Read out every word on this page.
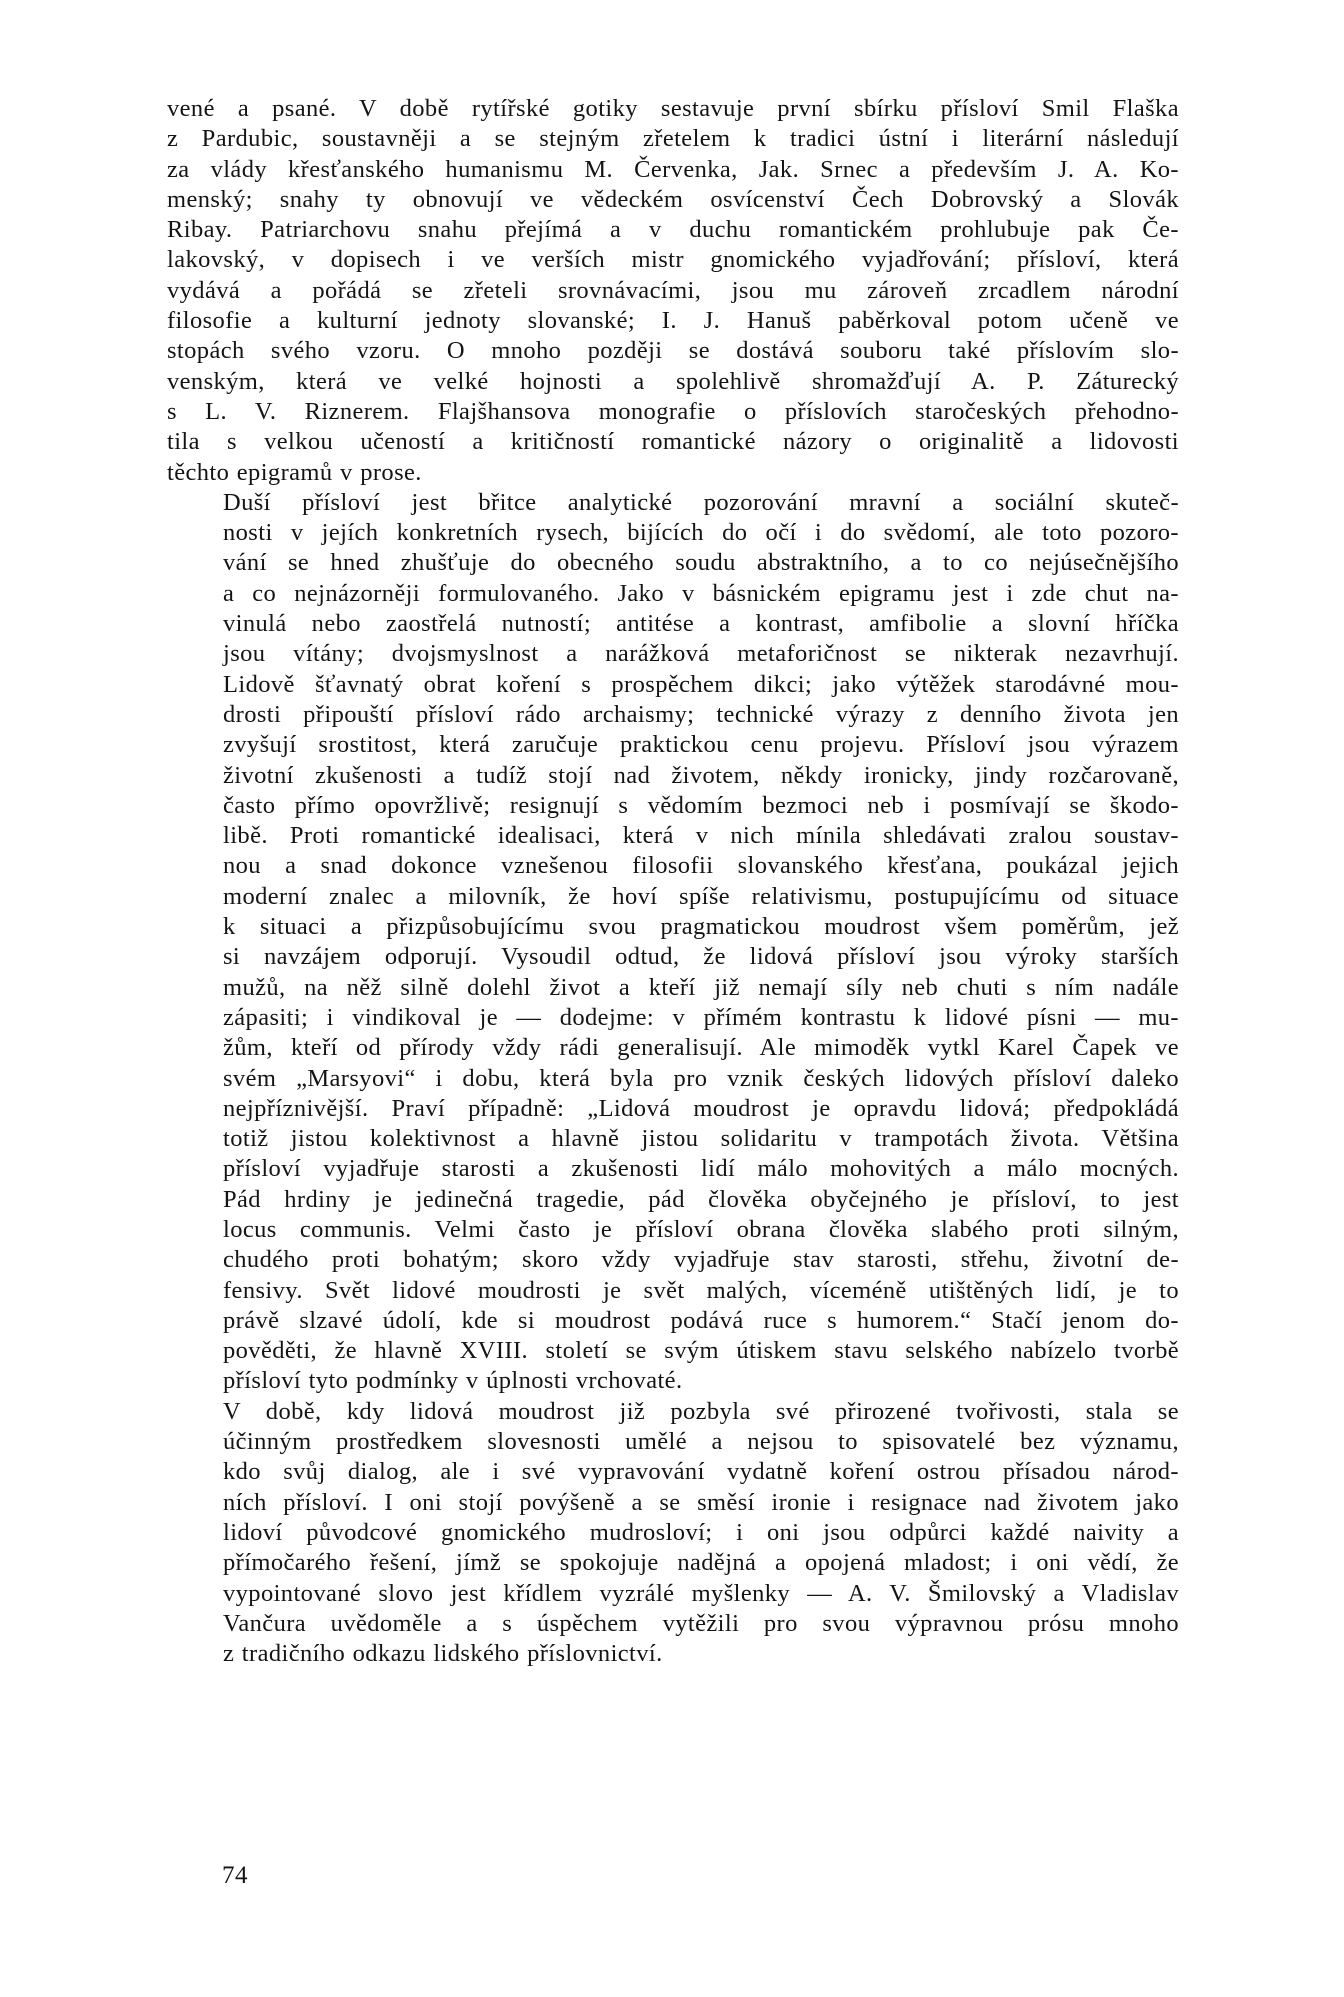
vené a psané. V době rytířské gotiky sestavuje první sbírku přísloví Smil Flaška
z Pardubic, soustavněji a se stejným zřetelem k tradici ústní i literární následují
za vlády křesťanského humanismu M. Červenka, Jak. Srnec a především J. A. Ko-
menský; snahy ty obnovují ve vědeckém osvícenství Čech Dobrovský a Slovák
Ribay. Patriarchovu snahu přejímá a v duchu romantickém prohlubuje pak Če-
lakovský, v dopisech i ve verších mistr gnomického vyjadřování; přísloví, která
vydává a pořádá se zřeteli srovnávacími, jsou mu zároveň zrcadlem národní
filosofie a kulturní jednoty slovanské; I. J. Hanuš paběrkoval potom učeně ve
stopách svého vzoru. O mnoho později se dostává souboru také příslovím slo-
venským, která ve velké hojnosti a spolehlivě shromažďují A. P. Záturecký
s L. V. Riznerem. Flajšhansova monografie o příslovích staročeských přehodno-
tila s velkou učeností a kritičností romantické názory o originalitě a lidovosti
těchto epigramů v prose.

Duší přísloví jest břitce analytické pozorování mravní a sociální skuteč-
nosti v jejích konkretních rysech, bijících do očí i do svědomí, ale toto pozoro-
vání se hned zhušťuje do obecného soudu abstraktního, a to co nejúsečnějšího
a co nejnázorněji formulovaného. Jako v básnickém epigramu jest i zde chut na-
vinulá nebo zaostřelá nutností; antitése a kontrast, amfibolie a slovní hříčka
jsou vítány; dvojsmyslnost a narážková metaforičnost se nikterak nezavrhují.
Lidově šťavnatý obrat koření s prospěchem dikci; jako výtěžek starodávné mou-
drosti připouští přísloví rádo archaismy; technické výrazy z denního života jen
zvyšují srostitost, která zaručuje praktickou cenu projevu. Přísloví jsou výrazem
životní zkušenosti a tudíž stojí nad životem, někdy ironicky, jindy rozčarovaně,
často přímo opovržlivě; resignují s vědomím bezmoci neb i posmívají se škodo-
libě. Proti romantické idealisaci, která v nich mínila shledávati zralou soustav-
nou a snad dokonce vznešenou filosofii slovanského křesťana, poukázal jejich
moderní znalec a milovník, že hoví spíše relativismu, postupujícímu od situace
k situaci a přizpůsobujícímu svou pragmatickou moudrost všem poměrům, jež
si navzájem odporují. Vysoudil odtud, že lidová přísloví jsou výroky starších
mužů, na něž silně dolehl život a kteří již nemají síly neb chuti s ním nadále
zápasiti; i vindikoval je — dodejme: v přímém kontrastu k lidové písni — mu-
žům, kteří od přírody vždy rádi generalisují. Ale mimoděk vytkl Karel Čapek ve
svém „Marsyovi“ i dobu, která byla pro vznik českých lidových přísloví daleko
nejpříznivější. Praví případně: „Lidová moudrost je opravdu lidová; předpokládá
totiž jistou kolektivnost a hlavně jistou solidaritu v trampotách života. Většina
přísloví vyjadřuje starosti a zkušenosti lidí málo mohovitých a málo mocných.
Pád hrdiny je jedinečná tragedie, pád člověka obyčejného je přísloví, to jest
locus communis. Velmi často je přísloví obrana člověka slabého proti silným,
chudého proti bohatým; skoro vždy vyjadřuje stav starosti, střehu, životní de-
fensivy. Svět lidové moudrosti je svět malých, víceméně utištěných lidí, je to
právě slzavé údolí, kde si moudrost podává ruce s humorem.“ Stačí jenom do-
pověděti, že hlavně XVIII. století se svým útiskem stavu selského nabízelo tvorbě
přísloví tyto podmínky v úplnosti vrchovaté.

V době, kdy lidová moudrost již pozbyla své přirozené tvořivosti, stala se
účinným prostředkem slovesnosti umělé a nejsou to spisovatelé bez významu,
kdo svůj dialog, ale i své vypravování vydatně koření ostrou přísadou národ-
ních přísloví. I oni stojí povýšeně a se směsí ironie i resignace nad životem jako
lidoví původcové gnomického mudrosloví; i oni jsou odpůrci každé naivity a
přímočarého řešení, jímž se spokojuje nadějná a opojená mladost; i oni vědí, že
vypointované slovo jest křídlem vyzrálé myšlenky — A. V. Šmilovský a Vladislav
Vančura uvědoměle a s úspěchem vytěžili pro svou výpravnou prósu mnoho
z tradičního odkazu lidského příslovnictví.

74
